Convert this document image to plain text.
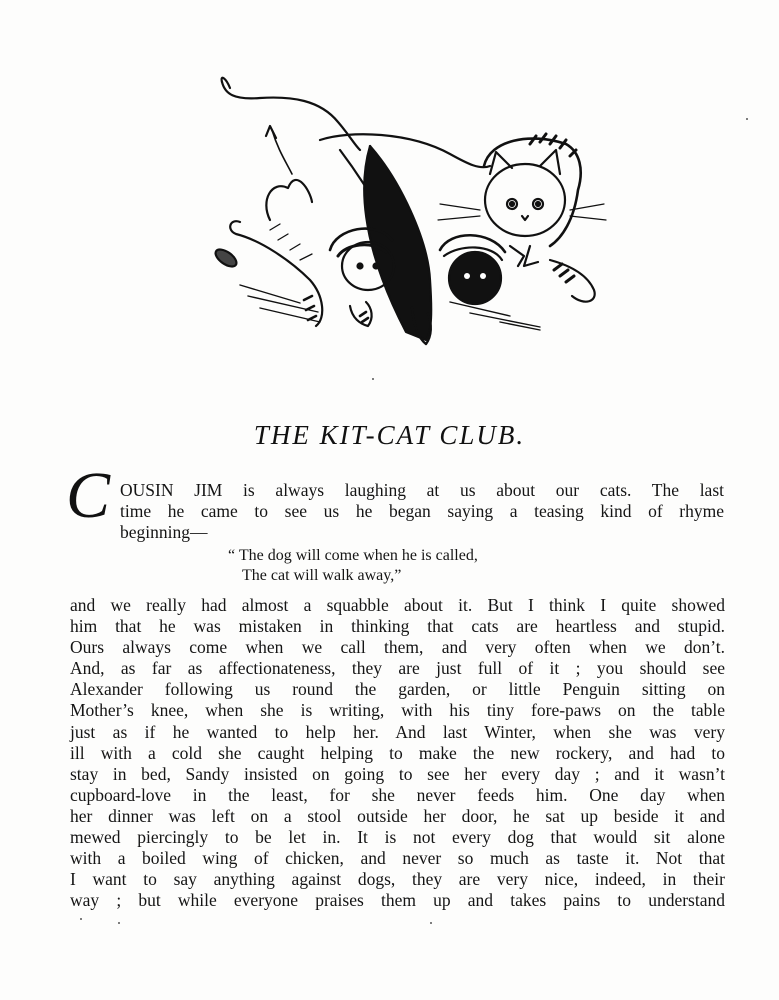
THE KIT-CAT CLUB.
C OUSIN JIM is always laughing at us about our cats. The last
time he came to see us he began saying a teasing kind of rhyme
beginning—
“ The dog will come when he is called,
The cat will walk away,”
and we really had almost a squabble about it. But I think I quite showed
him that he was mistaken in thinking that cats are heartless and stupid.
Ours always come when we call them, and very often when we don’t.
And, as far as affectionateness, they are just full of it ; you should see
Alexander following us round the garden, or little Penguin sitting on
Mother’s knee, when she is writing, with his tiny fore-paws on the table
just as if he wanted to help her. And last Winter, when she was very
ill with a cold she caught helping to make the new rockery, and had to
stay in bed, Sandy insisted on going to see her every day ; and it wasn’t
cupboard-love in the least, for she never feeds him. One day when
her dinner was left on a stool outside her door, he sat up beside it and
mewed piercingly to be let in. It is not every dog that would sit alone
with a boiled wing of chicken, and never so much as taste it. Not that
I want to say anything against dogs, they are very nice, indeed, in their
way ; but while everyone praises them up and takes pains to understand
